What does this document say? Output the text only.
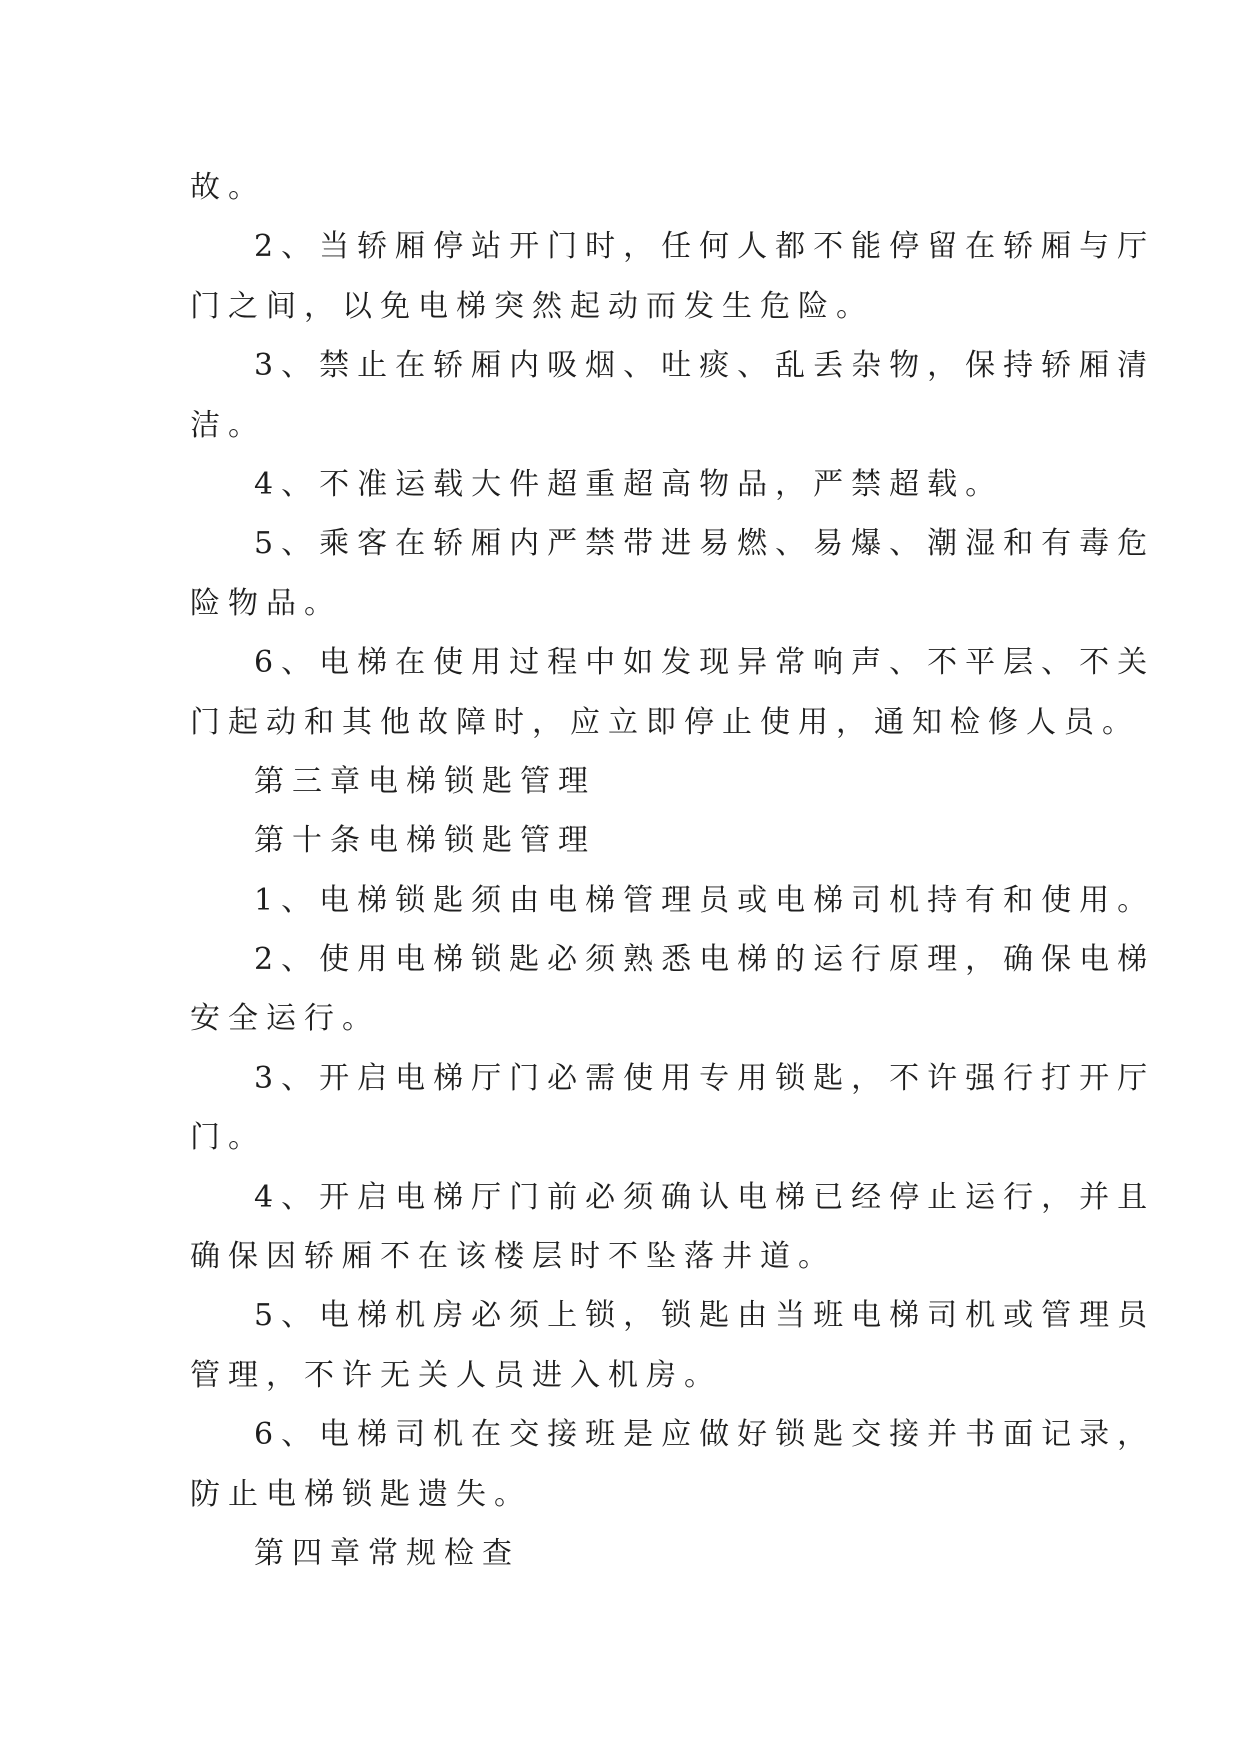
故。
2、当轿厢停站开门时，任何人都不能停留在轿厢与厅
门之间，以免电梯突然起动而发生危险。
3、禁止在轿厢内吸烟、吐痰、乱丢杂物，保持轿厢清
洁。
4、不准运载大件超重超高物品，严禁超载。
5、乘客在轿厢内严禁带进易燃、易爆、潮湿和有毒危
险物品。
6、电梯在使用过程中如发现异常响声、不平层、不关
门起动和其他故障时，应立即停止使用，通知检修人员。
第三章电梯锁匙管理
第十条电梯锁匙管理
1、电梯锁匙须由电梯管理员或电梯司机持有和使用。
2、使用电梯锁匙必须熟悉电梯的运行原理，确保电梯
安全运行。
3、开启电梯厅门必需使用专用锁匙，不许强行打开厅
门。
4、开启电梯厅门前必须确认电梯已经停止运行，并且
确保因轿厢不在该楼层时不坠落井道。
5、电梯机房必须上锁，锁匙由当班电梯司机或管理员
管理，不许无关人员进入机房。
6、电梯司机在交接班是应做好锁匙交接并书面记录，
防止电梯锁匙遗失。
第四章常规检查
